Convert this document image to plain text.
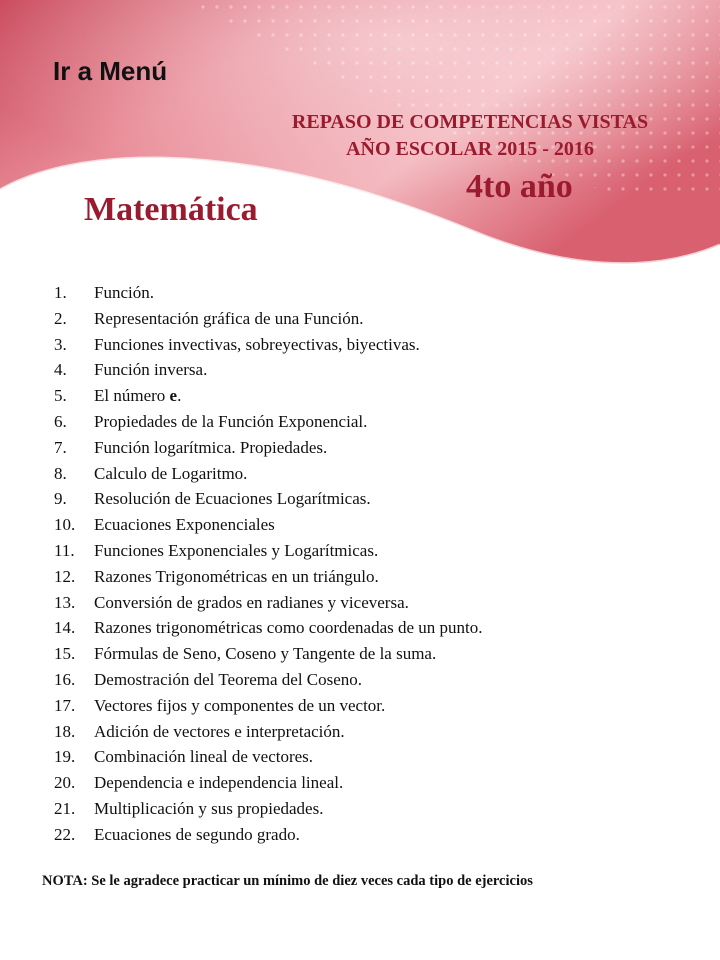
Ir a Menú
REPASO DE COMPETENCIAS VISTAS
AÑO ESCOLAR 2015 - 2016
4to año
Matemática
1. Función.
2. Representación gráfica de una Función.
3. Funciones invectivas, sobreyectivas, biyectivas.
4. Función inversa.
5. El número e.
6. Propiedades de la Función Exponencial.
7. Función logarítmica. Propiedades.
8. Calculo de Logaritmo.
9. Resolución de Ecuaciones Logarítmicas.
10. Ecuaciones Exponenciales
11. Funciones Exponenciales y Logarítmicas.
12. Razones Trigonométricas en un triángulo.
13. Conversión de grados en radianes y viceversa.
14. Razones trigonométricas como coordenadas de un punto.
15. Fórmulas de Seno, Coseno y Tangente de la suma.
16. Demostración del Teorema del Coseno.
17. Vectores fijos y componentes de un vector.
18. Adición de vectores e interpretación.
19. Combinación lineal de vectores.
20. Dependencia e independencia lineal.
21. Multiplicación y sus propiedades.
22. Ecuaciones de segundo grado.

NOTA: Se le agradece practicar un mínimo de diez veces cada tipo de ejercicios
